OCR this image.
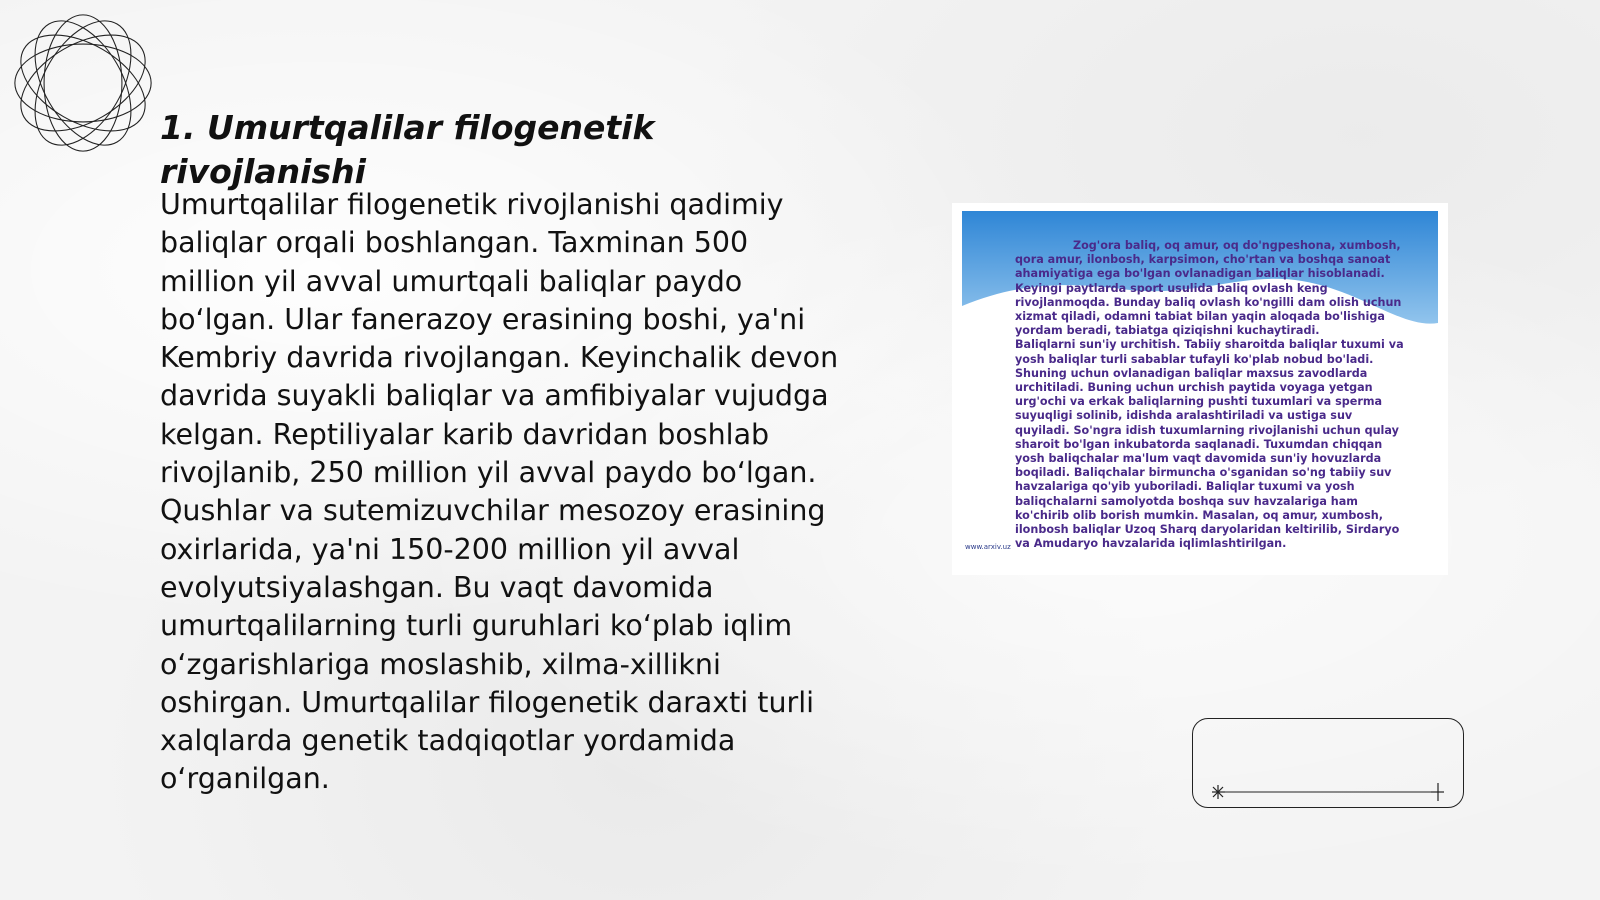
1. Umurtqalilar filogenetik rivojlanishi

Umurtqalilar filogenetik rivojlanishi qadimiy baliqlar orqali boshlangan. Taxminan 500 million yil avval umurtqali baliqlar paydo boʻlgan. Ular fanerazoy erasining boshi, ya'ni Kembriy davrida rivojlangan. Keyinchalik devon davrida suyakli baliqlar va amfibiyalar vujudga kelgan. Reptiliyalar karib davridan boshlab rivojlanib, 250 million yil avval paydo boʻlgan. Qushlar va sutemizuvchilar mesozoy erasining oxirlarida, ya'ni 150-200 million yil avval evolyutsiyalashgan. Bu vaqt davomida umurtqalilarning turli guruhlari koʻplab iqlim oʻzgarishlariga moslashib, xilma-xillikni oshirgan. Umurtqalilar filogenetik daraxti turli xalqlarda genetik tadqiqotlar yordamida oʻrganilgan.

Zog'ora baliq, oq amur, oq do'ngpeshona, xumbosh, qora amur, ilonbosh, karpsimon, cho'rtan va boshqa sanoat ahamiyatiga ega bo'lgan ovlanadigan baliqlar hisoblanadi. Keyingi paytlarda sport usulida baliq ovlash keng rivojlanmoqda. Bunday baliq ovlash ko'ngilli dam olish uchun xizmat qiladi, odamni tabiat bilan yaqin aloqada bo'lishiga yordam beradi, tabiatga qiziqishni kuchaytiradi.
Baliqlarni sun'iy urchitish. Tabiiy sharoitda baliqlar tuxumi va yosh baliqlar turli sabablar tufayli ko'plab nobud bo'ladi. Shuning uchun ovlanadigan baliqlar maxsus zavodlarda urchitiladi. Buning uchun urchish paytida voyaga yetgan urg'ochi va erkak baliqlarning pushti tuxumlari va sperma suyuqligi solinib, idishda aralashtiriladi va ustiga suv quyiladi. So'ngra idish tuxumlarning rivojlanishi uchun qulay sharoit bo'lgan inkubatorda saqlanadi. Tuxumdan chiqqan yosh baliqchalar ma'lum vaqt davomida sun'iy hovuzlarda boqiladi. Baliqchalar birmuncha o'sganidan so'ng tabiiy suv havzalariga qo'yib yuboriladi. Baliqlar tuxumi va yosh baliqchalarni samolyotda boshqa suv havzalariga ham ko'chirib olib borish mumkin. Masalan, oq amur, xumbosh, ilonbosh baliqlar Uzoq Sharq daryolaridan keltirilib, Sirdaryo va Amudaryo havzalarida iqlimlashtirilgan.

www.arxiv.uz
